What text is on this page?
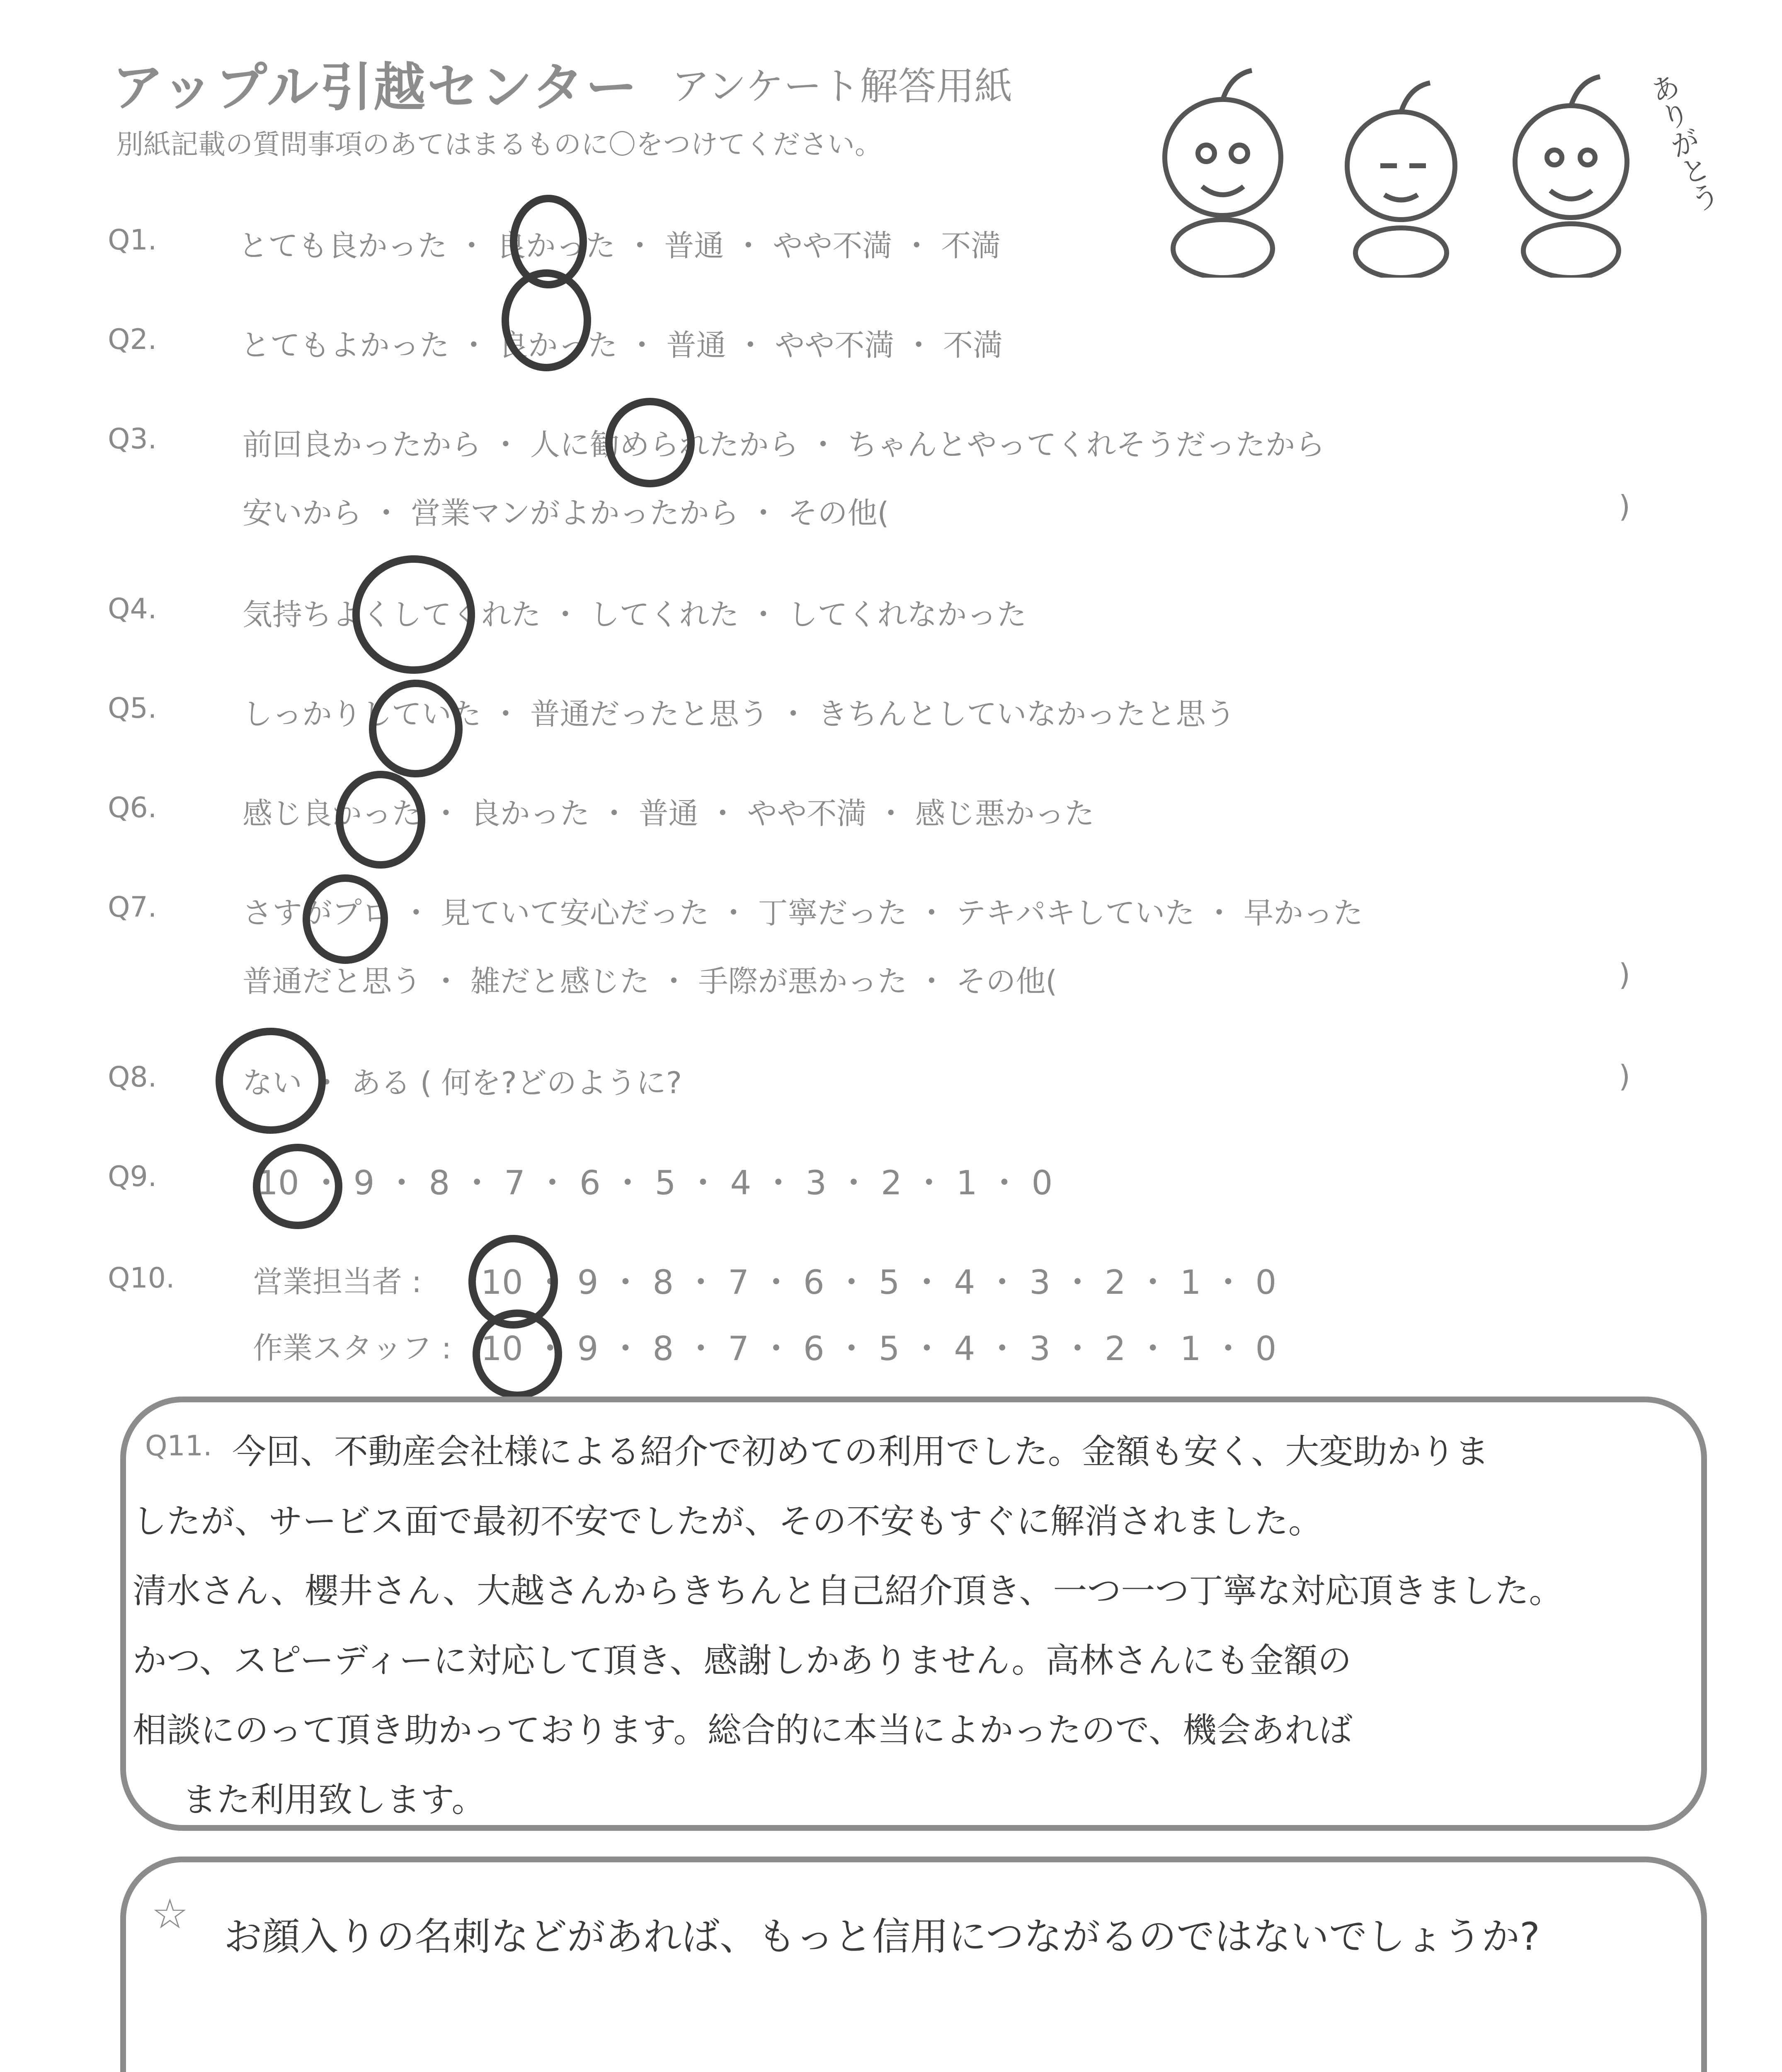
アップル引越センター アンケート解答用紙
別紙記載の質問事項のあてはまるものに〇をつけてください。	ありがとう
Q1.	とても良かった ・ 良かった ・ 普通 ・ やや不満 ・ 不満
Q2.	とてもよかった ・ 良かった ・ 普通 ・ やや不満 ・ 不満
Q3.	前回良かったから ・ 人に勧められたから ・ ちゃんとやってくれそうだったから
安いから ・ 営業マンがよかったから ・ その他(	)
Q4.	気持ちよくしてくれた ・ してくれた ・ してくれなかった
Q5.	しっかりしていた ・ 普通だったと思う ・ きちんとしていなかったと思う
Q6.	感じ良かった ・ 良かった ・ 普通 ・ やや不満 ・ 感じ悪かった
Q7.	さすがプロ ・ 見ていて安心だった ・ 丁寧だった ・ テキパキしていた ・ 早かった
普通だと思う ・ 雑だと感じた ・ 手際が悪かった ・ その他(	)
Q8.	ない ・ ある ( 何を?どのように?	)
Q9.	10 ・ 9 ・ 8 ・ 7 ・ 6 ・ 5 ・ 4 ・ 3 ・ 2 ・ 1 ・ 0
Q10.	営業担当者 : 10 ・ 9 ・ 8 ・ 7 ・ 6 ・ 5 ・ 4 ・ 3 ・ 2 ・ 1 ・ 0
作業スタッフ : 10 ・ 9 ・ 8 ・ 7 ・ 6 ・ 5 ・ 4 ・ 3 ・ 2 ・ 1 ・ 0
Q11. 今回、不動産会社様による紹介で初めての利用でした。金額も安く、大変助かりま
したが、サービス面で最初不安でしたが、その不安もすぐに解消されました。
清水さん、櫻井さん、大越さんからきちんと自己紹介頂き、一つ一つ丁寧な対応頂きました。
かつ、スピーディーに対応して頂き、感謝しかありません。高林さんにも金額の
相談にのって頂き助かっております。総合的に本当によかったので、機会あれば
また利用致します。
☆ お顔入りの名刺などがあれば、もっと信用につながるのではないでしょうか?
